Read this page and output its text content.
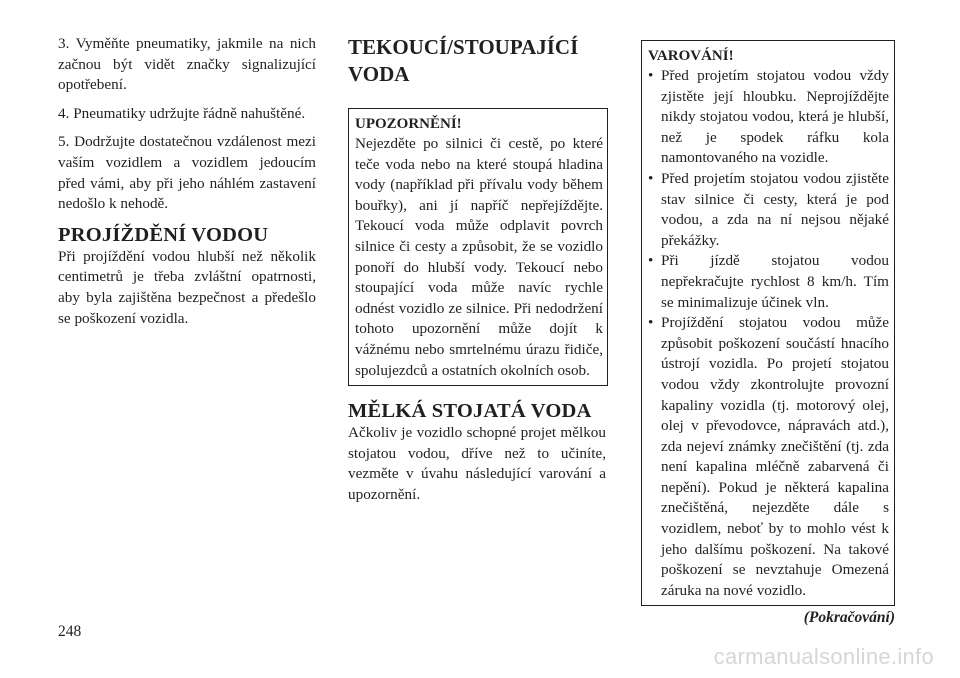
3. Vyměňte pneumatiky, jakmile na nich začnou být vidět značky signalizující opotřebení.

4. Pneumatiky udržujte řádně nahuštěné.

5. Dodržujte dostatečnou vzdálenost mezi vaším vozidlem a vozidlem jedoucím před vámi, aby při jeho náhlém zastavení nedošlo k nehodě.

PROJÍŽDĚNÍ VODOU

Při projíždění vodou hlubší než několik centimetrů je třeba zvláštní opatrnosti, aby byla zajištěna bezpečnost a předešlo se poškození vozidla.

TEKOUCÍ/STOUPAJÍCÍ VODA
UPOZORNĚNÍ!

Nejezděte po silnici či cestě, po které teče voda nebo na které stoupá hladina vody (například při přívalu vody během bouřky), ani jí napříč nepřejíždějte. Tekoucí voda může odplavit povrch silnice či cesty a způsobit, že se vozidlo ponoří do hlubší vody. Tekoucí nebo stoupající voda může navíc rychle odnést vozidlo ze silnice. Při nedodržení tohoto upozornění může dojít k vážnému nebo smrtelnému úrazu řidiče, spolujezdců a ostatních okolních osob.

MĚLKÁ STOJATÁ VODA

Ačkoliv je vozidlo schopné projet mělkou stojatou vodou, dříve než to učiníte, vezměte v úvahu následující varování a upozornění.

VAROVÁNÍ!
• Před projetím stojatou vodou vždy zjistěte její hloubku. Neprojíždějte nikdy stojatou vodou, která je hlubší, než je spodek ráfku kola namontovaného na vozidle.
• Před projetím stojatou vodou zjistěte stav silnice či cesty, která je pod vodou, a zda na ní nejsou nějaké překážky.
• Při jízdě stojatou vodou nepřekračujte rychlost 8 km/h. Tím se minimalizuje účinek vln.
• Projíždění stojatou vodou může způsobit poškození součástí hnacího ústrojí vozidla. Po projetí stojatou vodou vždy zkontrolujte provozní kapaliny vozidla (tj. motorový olej, olej v převodovce, nápravách atd.), zda nejeví známky znečištění (tj. zda není kapalina mléčně zabarvená či nepění). Pokud je některá kapalina znečištěná, nejezděte dále s vozidlem, neboť by to mohlo vést k jeho dalšímu poškození. Na takové poškození se nevztahuje Omezená záruka na nové vozidlo.
(Pokračování)
248
carmanualsonline.info
